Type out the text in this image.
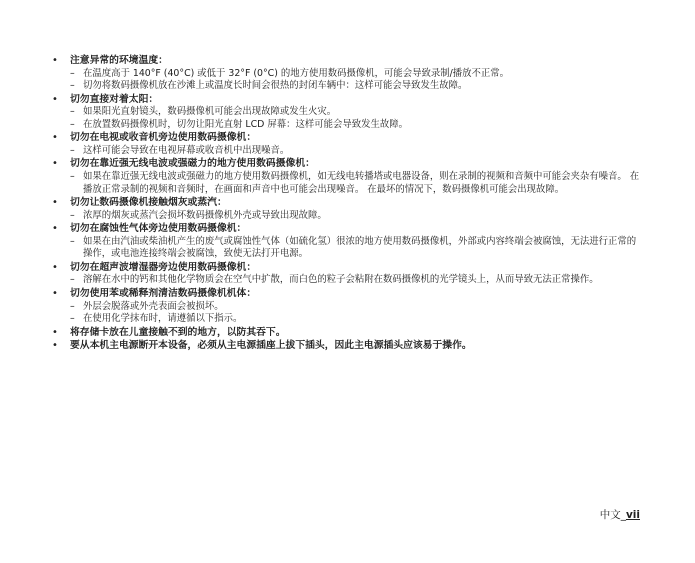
• 注意异常的环境温度：
– 在温度高于 140°F (40°C) 或低于 32°F (0°C) 的地方使用数码摄像机，可能会导致录制/播放不正常。
– 切勿将数码摄像机放在沙滩上或温度长时间会很热的封闭车辆中：这样可能会导致发生故障。
• 切勿直接对着太阳：
– 如果阳光直射镜头，数码摄像机可能会出现故障或发生火灾。
– 在放置数码摄像机时，切勿让阳光直射 LCD 屏幕：这样可能会导致发生故障。
• 切勿在电视或收音机旁边使用数码摄像机：
– 这样可能会导致在电视屏幕或收音机中出现噪音。
• 切勿在靠近强无线电波或强磁力的地方使用数码摄像机：
– 如果在靠近强无线电波或强磁力的地方使用数码摄像机，如无线电转播塔或电器设备，则在录制的视频和音频中可能会夹杂有噪音。 在播放正常录制的视频和音频时，在画面和声音中也可能会出现噪音。 在最坏的情况下，数码摄像机可能会出现故障。
• 切勿让数码摄像机接触烟灰或蒸汽：
– 浓厚的烟灰或蒸汽会损坏数码摄像机外壳或导致出现故障。
• 切勿在腐蚀性气体旁边使用数码摄像机：
– 如果在由汽油或柴油机产生的废气或腐蚀性气体（如硫化氢）很浓的地方使用数码摄像机，外部或内容终端会被腐蚀，无法进行正常的操作，或电池连接终端会被腐蚀，致使无法打开电源。
• 切勿在超声波增湿器旁边使用数码摄像机：
– 溶解在水中的钙和其他化学物质会在空气中扩散，而白色的粒子会粘附在数码摄像机的光学镜头上，从而导致无法正常操作。
• 切勿使用苯或稀释剂清洁数码摄像机机体：
– 外层会脱落或外壳表面会被损坏。
– 在使用化学抹布时，请遵循以下指示。
• 将存储卡放在儿童接触不到的地方，以防其吞下。
• 要从本机主电源断开本设备，必须从主电源插座上拔下插头，因此主电源插头应该易于操作。
中文_vii
